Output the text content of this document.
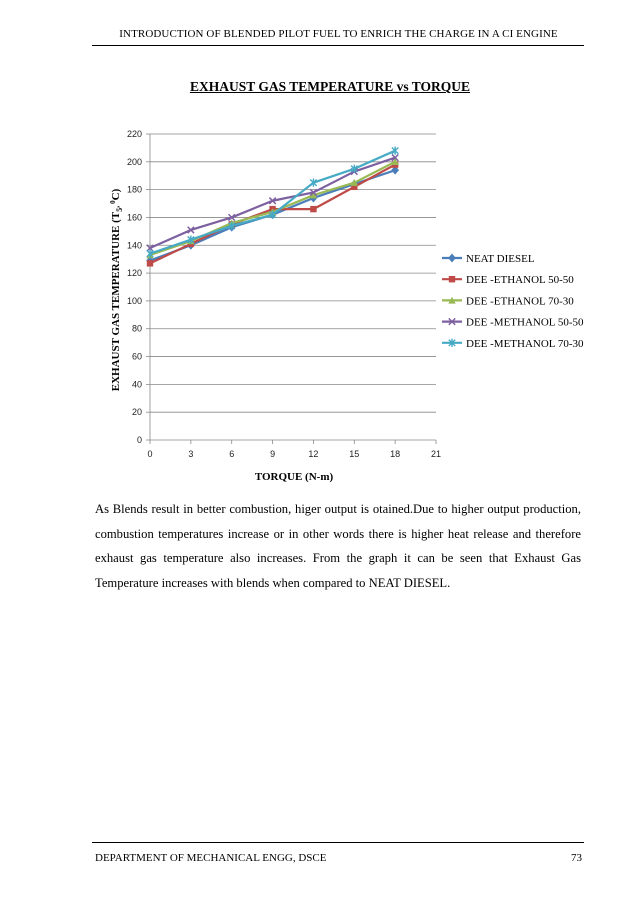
INTRODUCTION OF BLENDED PILOT FUEL TO ENRICH THE CHARGE IN A CI ENGINE
EXHAUST GAS TEMPERATURE vs TORQUE
0	3	6	9	12	15	18	21
0
20
40
60
80
100
120
140
160
180
200
220
NEAT DIESEL
DEE -ETHANOL 50-50
DEE -ETHANOL 70-30
DEE -METHANOL 50-50
DEE -METHANOL 70-30
TORQUE (N-m)
EXHAUST GAS TEMPERATURE ($T_5^,$ $^0$C)
As Blends result in better combustion, higer output is otained.Due to higher output production, combustion temperatures increase or in other words there is higher heat release and therefore exhaust gas temperature also increases. From the graph it can be seen that Exhaust Gas Temperature increases with blends when compared to NEAT DIESEL.
DEPARTMENT OF MECHANICAL ENGG, DSCE	73
